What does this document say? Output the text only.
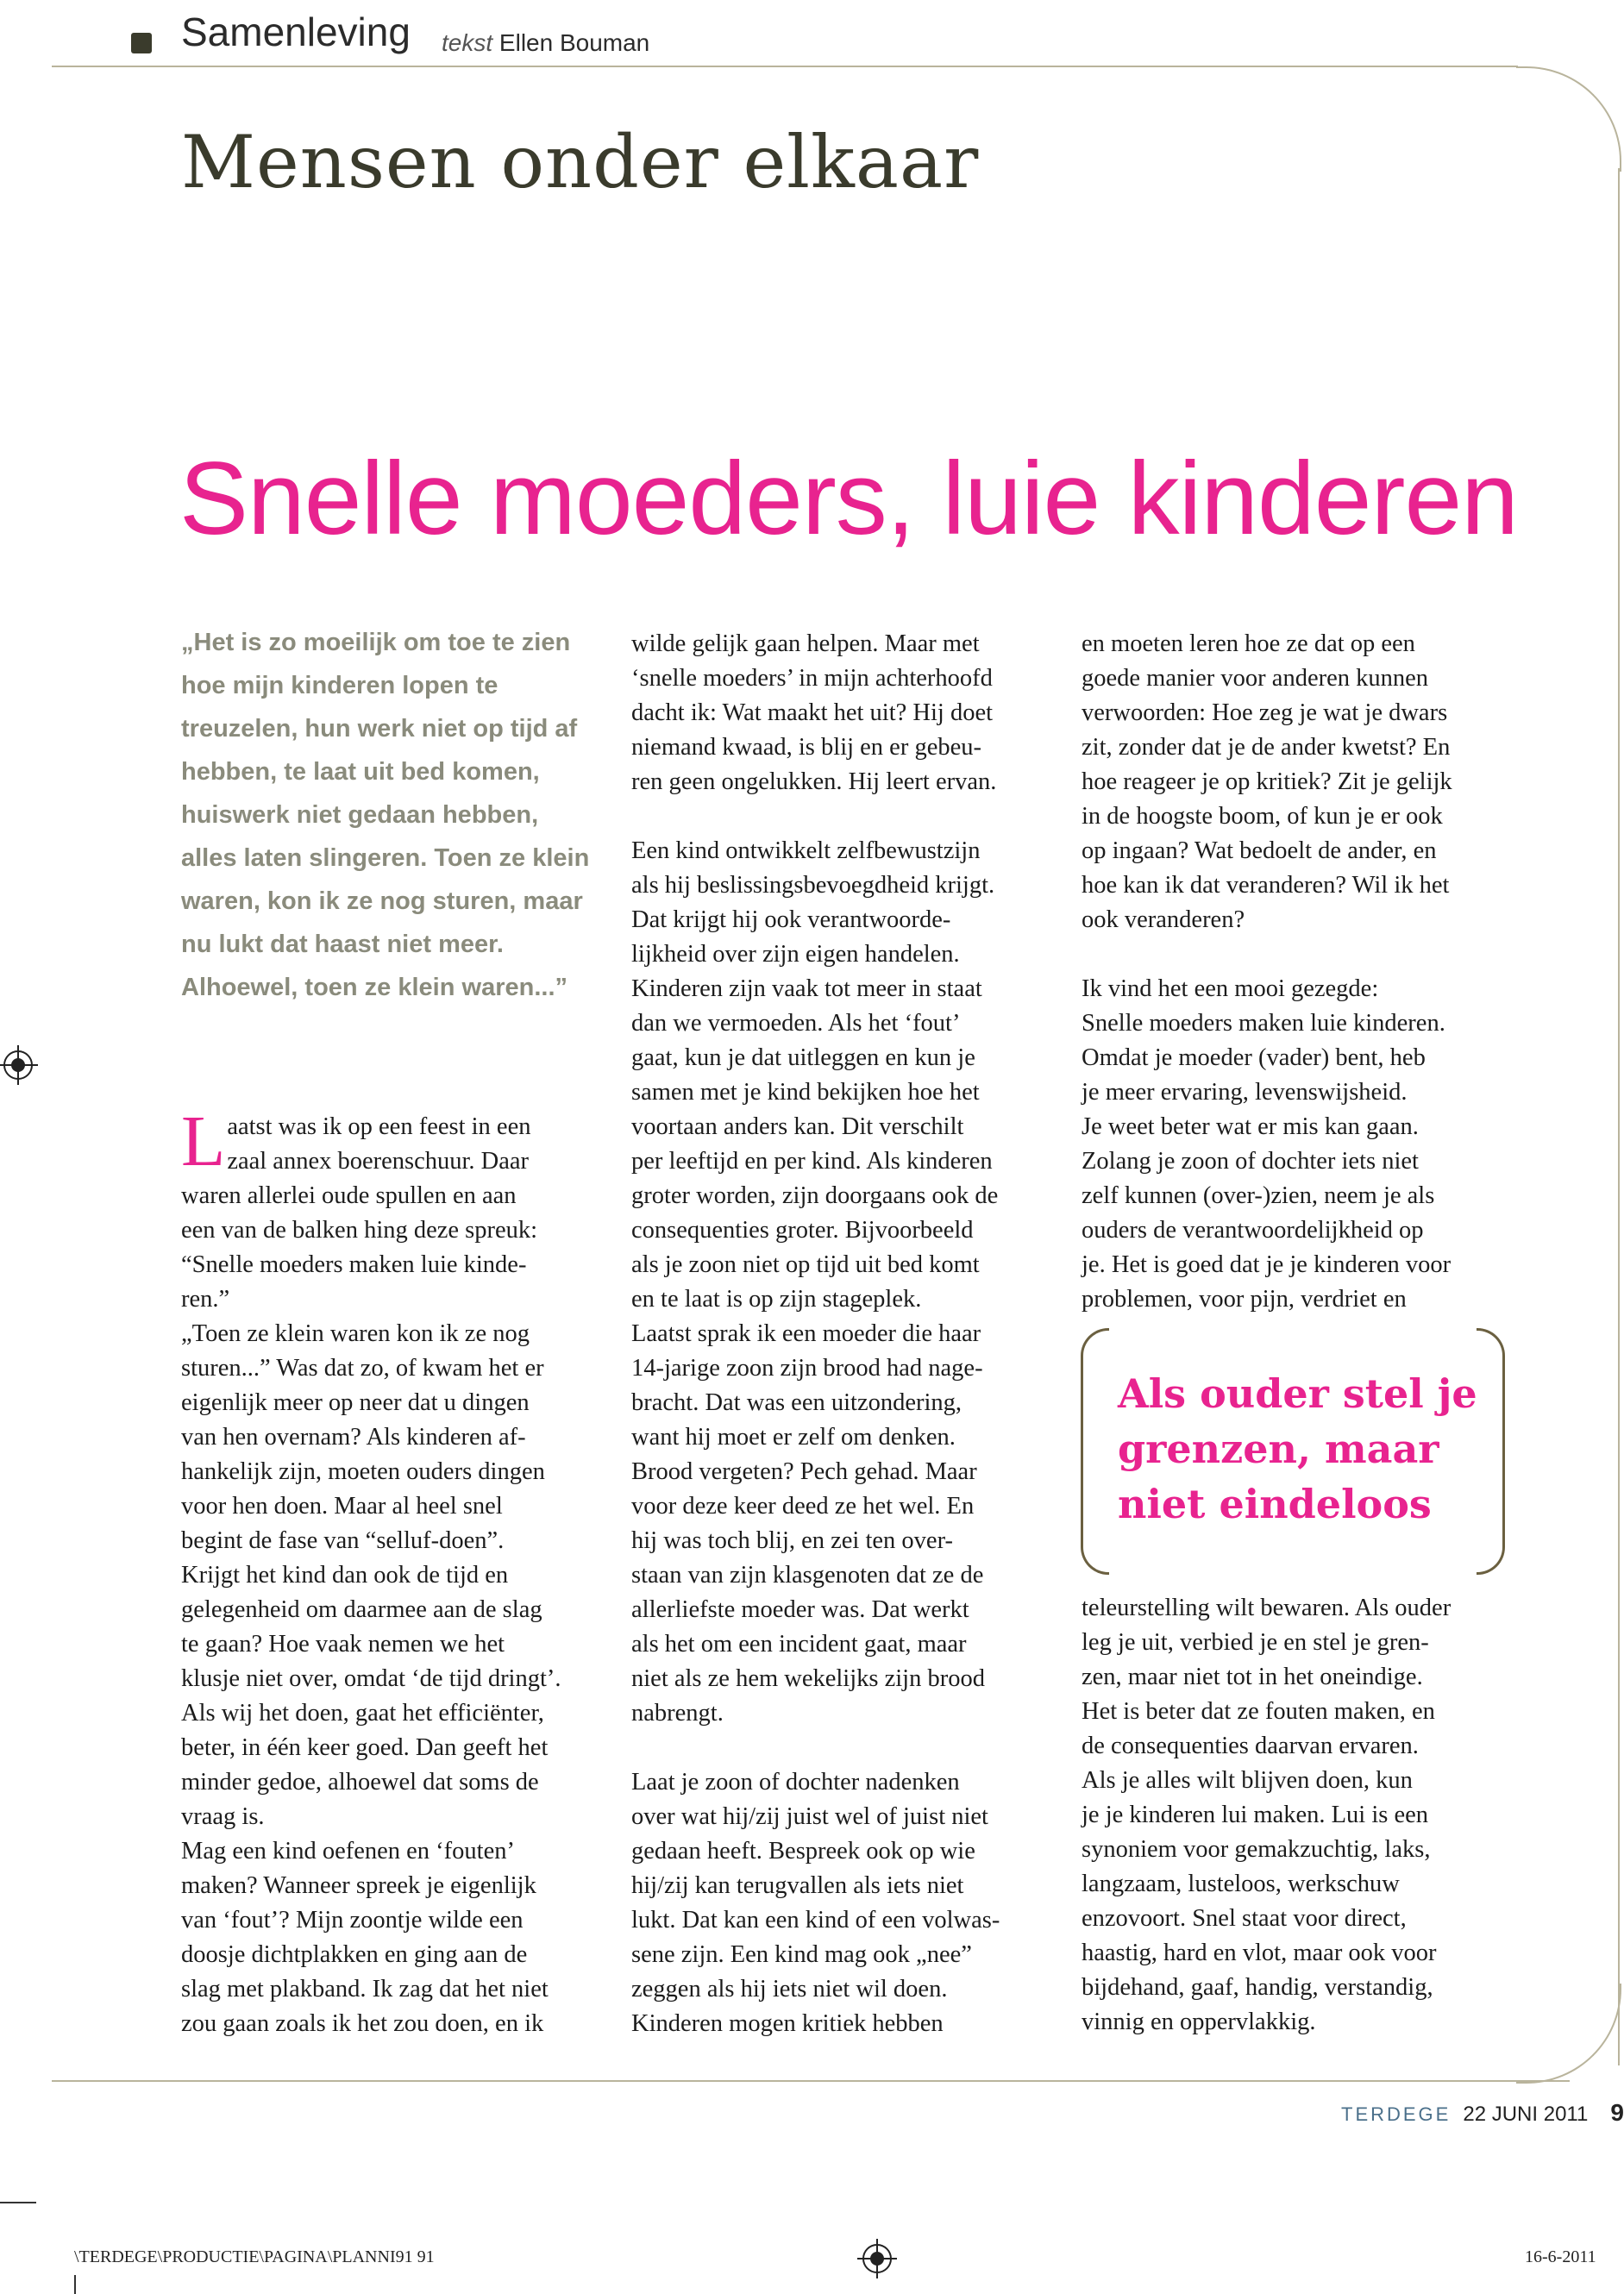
Samenleving tekst Ellen Bouman
Mensen onder elkaar
Snelle moeders, luie kinderen
„Het is zo moeilijk om toe te zien hoe mijn kinderen lopen te treuzelen, hun werk niet op tijd af hebben, te laat uit bed komen, huiswerk niet gedaan hebben, alles laten slingeren. Toen ze klein waren, kon ik ze nog sturen, maar nu lukt dat haast niet meer. Alhoewel, toen ze klein waren...”
L aatst was ik op een feest in een
zaal annex boerenschuur. Daar
waren allerlei oude spullen en aan
een van de balken hing deze spreuk:
“Snelle moeders maken luie kinde-
ren.”
„Toen ze klein waren kon ik ze nog
sturen...” Was dat zo, of kwam het er
eigenlijk meer op neer dat u dingen
van hen overnam? Als kinderen af-
hankelijk zijn, moeten ouders dingen
voor hen doen. Maar al heel snel
begint de fase van “selluf-doen”.
Krijgt het kind dan ook de tijd en
gelegenheid om daarmee aan de slag
te gaan? Hoe vaak nemen we het
klusje niet over, omdat ‘de tijd dringt’.
Als wij het doen, gaat het efficiënter,
beter, in één keer goed. Dan geeft het
minder gedoe, alhoewel dat soms de
vraag is.
Mag een kind oefenen en ‘fouten’
maken? Wanneer spreek je eigenlijk
van ‘fout’? Mijn zoontje wilde een
doosje dichtplakken en ging aan de
slag met plakband. Ik zag dat het niet
zou gaan zoals ik het zou doen, en ik

wilde gelijk gaan helpen. Maar met
‘snelle moeders’ in mijn achterhoofd
dacht ik: Wat maakt het uit? Hij doet
niemand kwaad, is blij en er gebeu-
ren geen ongelukken. Hij leert ervan.

Een kind ontwikkelt zelfbewustzijn
als hij beslissingsbevoegdheid krijgt.
Dat krijgt hij ook verantwoorde-
lijkheid over zijn eigen handelen.
Kinderen zijn vaak tot meer in staat
dan we vermoeden. Als het ‘fout’
gaat, kun je dat uitleggen en kun je
samen met je kind bekijken hoe het
voortaan anders kan. Dit verschilt
per leeftijd en per kind. Als kinderen
groter worden, zijn doorgaans ook de
consequenties groter. Bijvoorbeeld
als je zoon niet op tijd uit bed komt
en te laat is op zijn stageplek.
Laatst sprak ik een moeder die haar
14-jarige zoon zijn brood had nage-
bracht. Dat was een uitzondering,
want hij moet er zelf om denken.
Brood vergeten? Pech gehad. Maar
voor deze keer deed ze het wel. En
hij was toch blij, en zei ten over-
staan van zijn klasgenoten dat ze de
allerliefste moeder was. Dat werkt
als het om een incident gaat, maar
niet als ze hem wekelijks zijn brood
nabrengt.

Laat je zoon of dochter nadenken
over wat hij/zij juist wel of juist niet
gedaan heeft. Bespreek ook op wie
hij/zij kan terugvallen als iets niet
lukt. Dat kan een kind of een volwas-
sene zijn. Een kind mag ook „nee”
zeggen als hij iets niet wil doen.
Kinderen mogen kritiek hebben

en moeten leren hoe ze dat op een
goede manier voor anderen kunnen
verwoorden: Hoe zeg je wat je dwars
zit, zonder dat je de ander kwetst? En
hoe reageer je op kritiek? Zit je gelijk
in de hoogste boom, of kun je er ook
op ingaan? Wat bedoelt de ander, en
hoe kan ik dat veranderen? Wil ik het
ook veranderen?

Ik vind het een mooi gezegde:
Snelle moeders maken luie kinderen.
Omdat je moeder (vader) bent, heb
je meer ervaring, levenswijsheid.
Je weet beter wat er mis kan gaan.
Zolang je zoon of dochter iets niet
zelf kunnen (over-)zien, neem je als
ouders de verantwoordelijkheid op
je. Het is goed dat je je kinderen voor
problemen, voor pijn, verdriet en

Als ouder stel je grenzen, maar niet eindeloos

teleurstelling wilt bewaren. Als ouder
leg je uit, verbied je en stel je gren-
zen, maar niet tot in het oneindige.
Het is beter dat ze fouten maken, en
de consequenties daarvan ervaren.
Als je alles wilt blijven doen, kun
je je kinderen lui maken. Lui is een
synoniem voor gemakzuchtig, laks,
langzaam, lusteloos, werkschuw
enzovoort. Snel staat voor direct,
haastig, hard en vlot, maar ook voor
bijdehand, gaaf, handig, verstandig,
vinnig en oppervlakkig.

TERDEGE 22 JUNI 2011 9
\TERDEGE\PRODUCTIE\PAGINA\PLANNI91 91	16-6-2011
